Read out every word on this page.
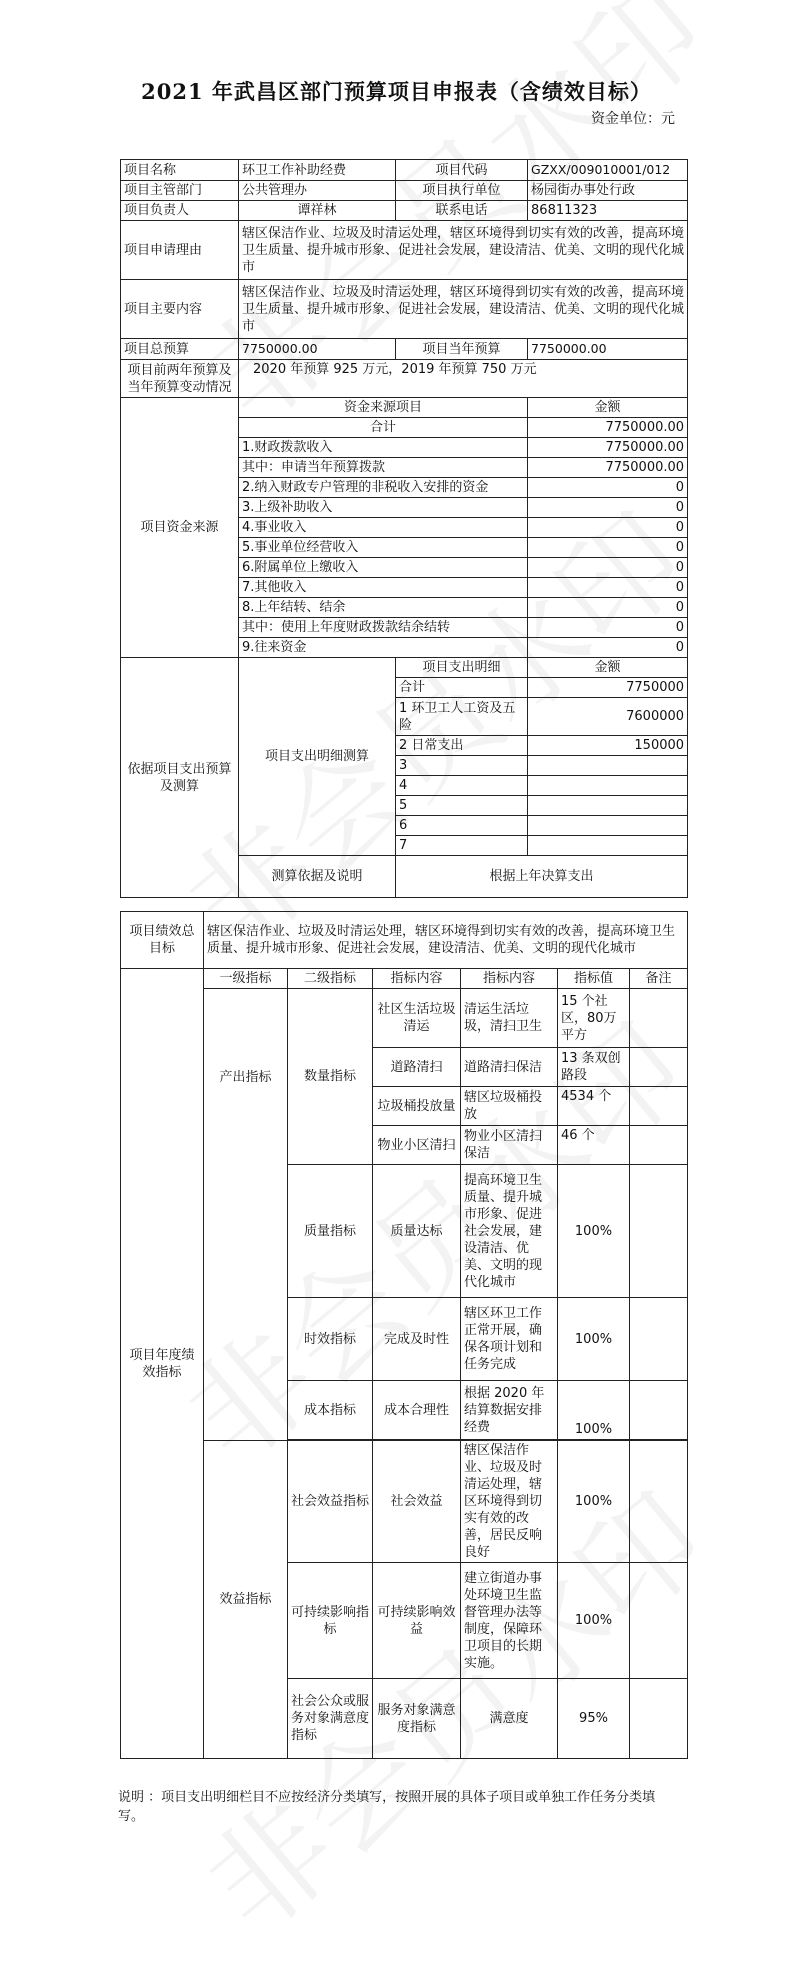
2021 年武昌区部门预算项目申报表（含绩效目标）
资金单位：元
项目名称	环卫工作补助经费	项目代码	GZXX/009010001/012
项目主管部门	公共管理办	项目执行单位	杨园街办事处行政
项目负责人	谭祥林	联系电话	86811323
项目申请理由	辖区保洁作业、垃圾及时清运处理，辖区环境得到切实有效的改善，提高环境卫生质量、提升城市形象、促进社会发展，建设清洁、优美、文明的现代化城市		
项目主要内容	辖区保洁作业、垃圾及时清运处理，辖区环境得到切实有效的改善，提高环境卫生质量、提升城市形象、促进社会发展，建设清洁、优美、文明的现代化城市		
项目总预算	7750000.00	项目当年预算	7750000.00
项目前两年预算及当年预算变动情况	2020 年预算 925 万元，2019 年预算 750 万元		
项目资金来源	资金来源项目		金额
	合计		7750000.00
	1.财政拨款收入		7750000.00
	其中：申请当年预算拨款		7750000.00
	2.纳入财政专户管理的非税收入安排的资金		0
	3.上级补助收入		0
	4.事业收入		0
	5.事业单位经营收入		0
	6.附属单位上缴收入		0
	7.其他收入		0
	8.上年结转、结余		0
	其中：使用上年度财政拨款结余结转		0
	9.往来资金		0
依据项目支出预算及测算	项目支出明细测算	项目支出明细	金额
		合计	7750000
		1 环卫工人工资及五险	7600000
		2 日常支出	150000
		3	
		4	
		5	
		6	
		7	
	测算依据及说明	根据上年决算支出	
项目绩效总目标	辖区保洁作业、垃圾及时清运处理，辖区环境得到切实有效的改善，提高环境卫生质量、提升城市形象、促进社会发展，建设清洁、优美、文明的现代化城市					
项目年度绩效指标	一级指标	二级指标	指标内容	指标内容	指标值	备注
	产出指标	数量指标	社区生活垃圾清运	清运生活垃圾，清扫卫生	15 个社区，80万平方	
			道路清扫	道路清扫保洁	13 条双创路段	
			垃圾桶投放量	辖区垃圾桶投放	4534 个	
			物业小区清扫	物业小区清扫保洁	46 个	
		质量指标	质量达标	提高环境卫生质量、提升城市形象、促进社会发展，建设清洁、优美、文明的现代化城市	100%	
		时效指标	完成及时性	辖区环卫工作正常开展，确保各项计划和任务完成	100%	
		成本指标	成本合理性	根据 2020 年结算数据安排经费	100%	

	效益指标	社会效益指标	社会效益	辖区保洁作业、垃圾及时清运处理，辖区环境得到切实有效的改善，居民反响良好	100%	
		可持续影响指标	可持续影响效益	建立街道办事处环境卫生监督管理办法等制度，保障环卫项目的长期实施。	100%	
		社会公众或服务对象满意度指标	服务对象满意度指标	满意度	95%	
说明 ：项目支出明细栏目不应按经济分类填写，按照开展的具体子项目或单独工作任务分类填写。
